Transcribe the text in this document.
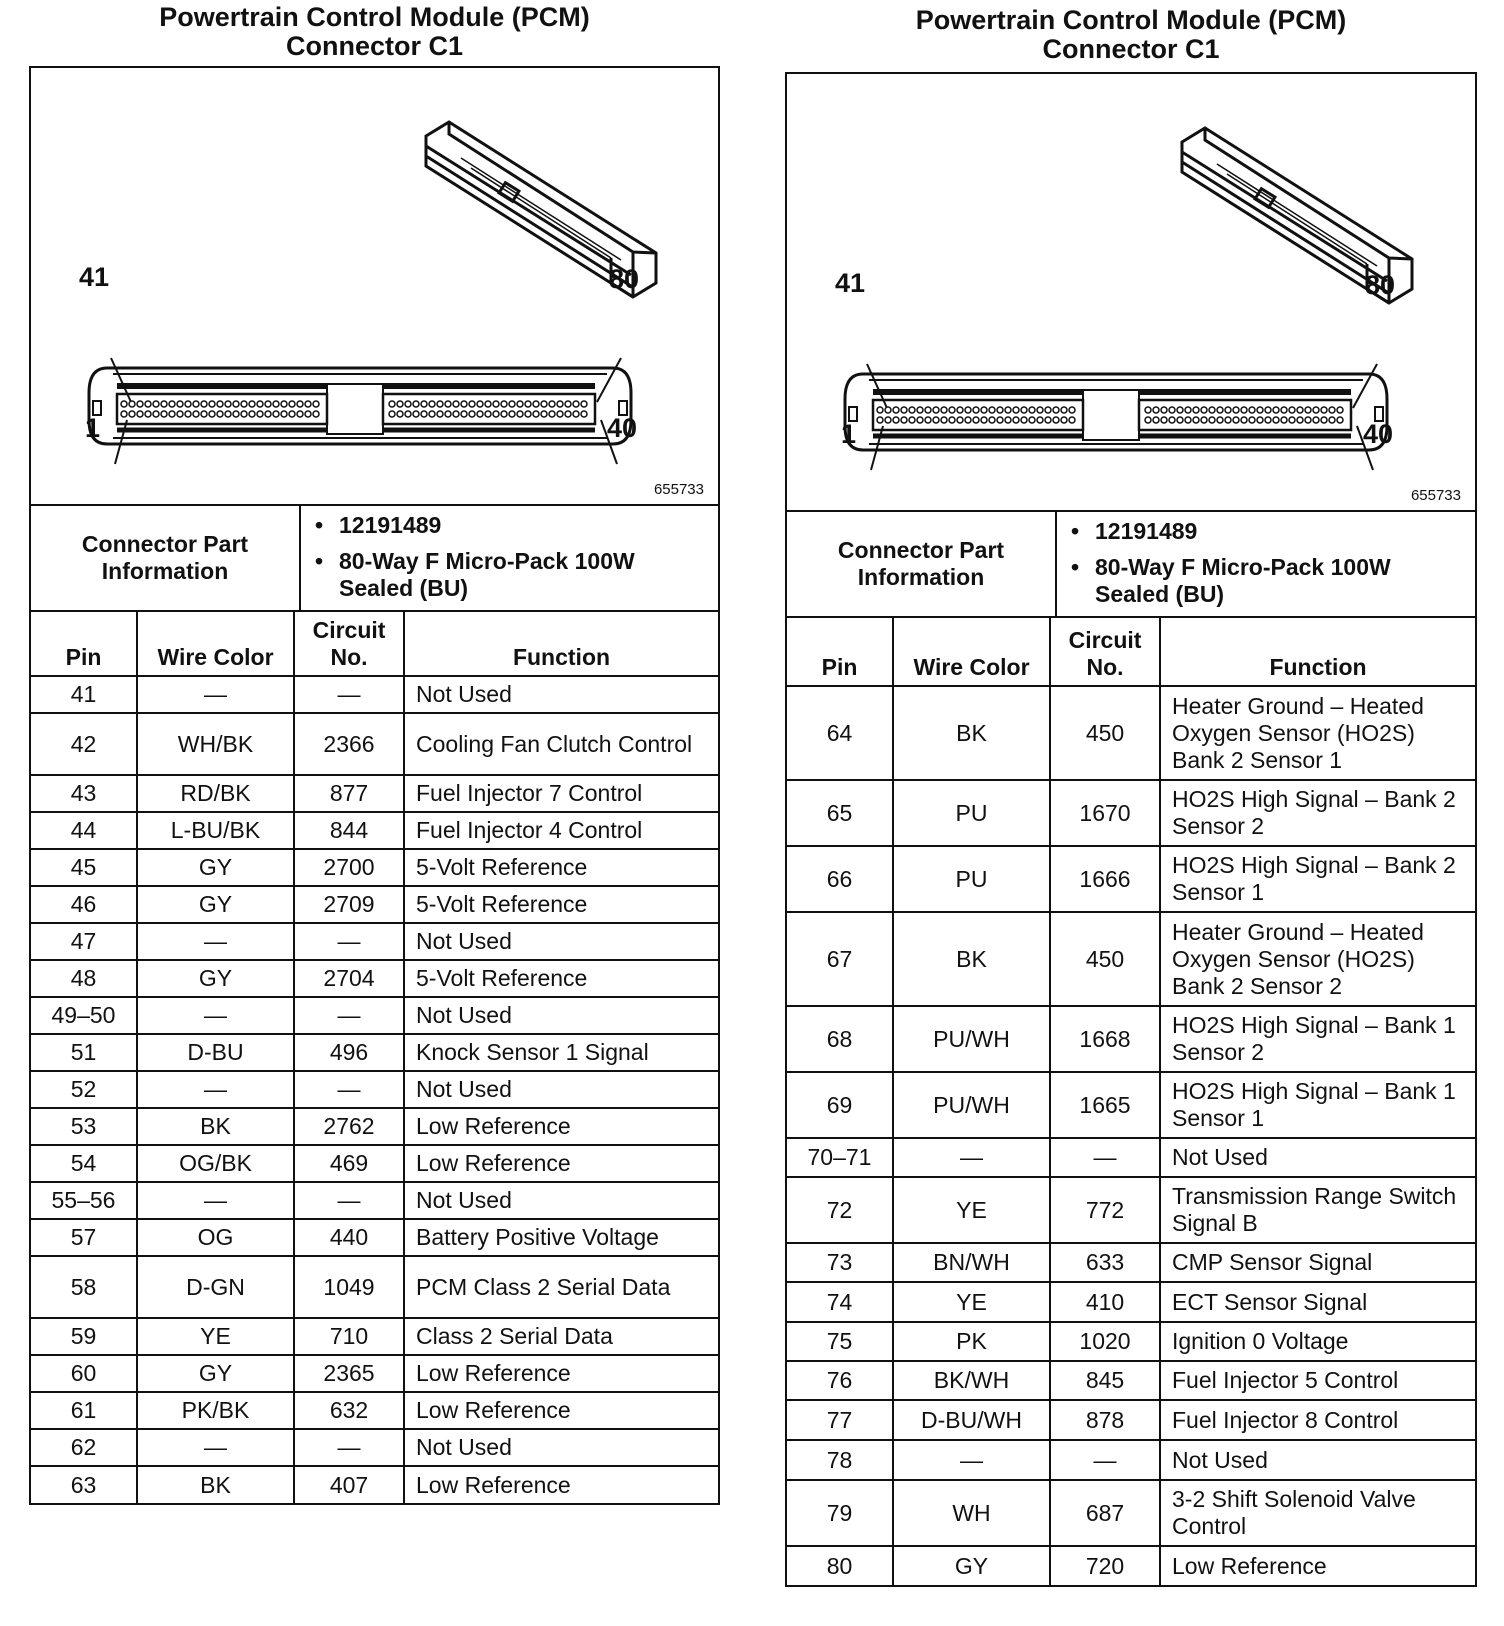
Powertrain Control Module (PCM)
Connector C1
41	80
1	40
655733
Connector Part Information
• 12191489
• 80-Way F Micro-Pack 100W Sealed (BU)
Pin	Wire Color	Circuit No.	Function
41	—	—	Not Used
42	WH/BK	2366	Cooling Fan Clutch Control
43	RD/BK	877	Fuel Injector 7 Control
44	L-BU/BK	844	Fuel Injector 4 Control
45	GY	2700	5-Volt Reference
46	GY	2709	5-Volt Reference
47	—	—	Not Used
48	GY	2704	5-Volt Reference
49–50	—	—	Not Used
51	D-BU	496	Knock Sensor 1 Signal
52	—	—	Not Used
53	BK	2762	Low Reference
54	OG/BK	469	Low Reference
55–56	—	—	Not Used
57	OG	440	Battery Positive Voltage
58	D-GN	1049	PCM Class 2 Serial Data
59	YE	710	Class 2 Serial Data
60	GY	2365	Low Reference
61	PK/BK	632	Low Reference
62	—	—	Not Used
63	BK	407	Low Reference
Powertrain Control Module (PCM)
Connector C1
41	80
1	40
655733
Connector Part Information
• 12191489
• 80-Way F Micro-Pack 100W Sealed (BU)
Pin	Wire Color	Circuit No.	Function
64	BK	450	Heater Ground – Heated Oxygen Sensor (HO2S) Bank 2 Sensor 1
65	PU	1670	HO2S High Signal – Bank 2 Sensor 2
66	PU	1666	HO2S High Signal – Bank 2 Sensor 1
67	BK	450	Heater Ground – Heated Oxygen Sensor (HO2S) Bank 2 Sensor 2
68	PU/WH	1668	HO2S High Signal – Bank 1 Sensor 2
69	PU/WH	1665	HO2S High Signal – Bank 1 Sensor 1
70–71	—	—	Not Used
72	YE	772	Transmission Range Switch Signal B
73	BN/WH	633	CMP Sensor Signal
74	YE	410	ECT Sensor Signal
75	PK	1020	Ignition 0 Voltage
76	BK/WH	845	Fuel Injector 5 Control
77	D-BU/WH	878	Fuel Injector 8 Control
78	—	—	Not Used
79	WH	687	3-2 Shift Solenoid Valve Control
80	GY	720	Low Reference
